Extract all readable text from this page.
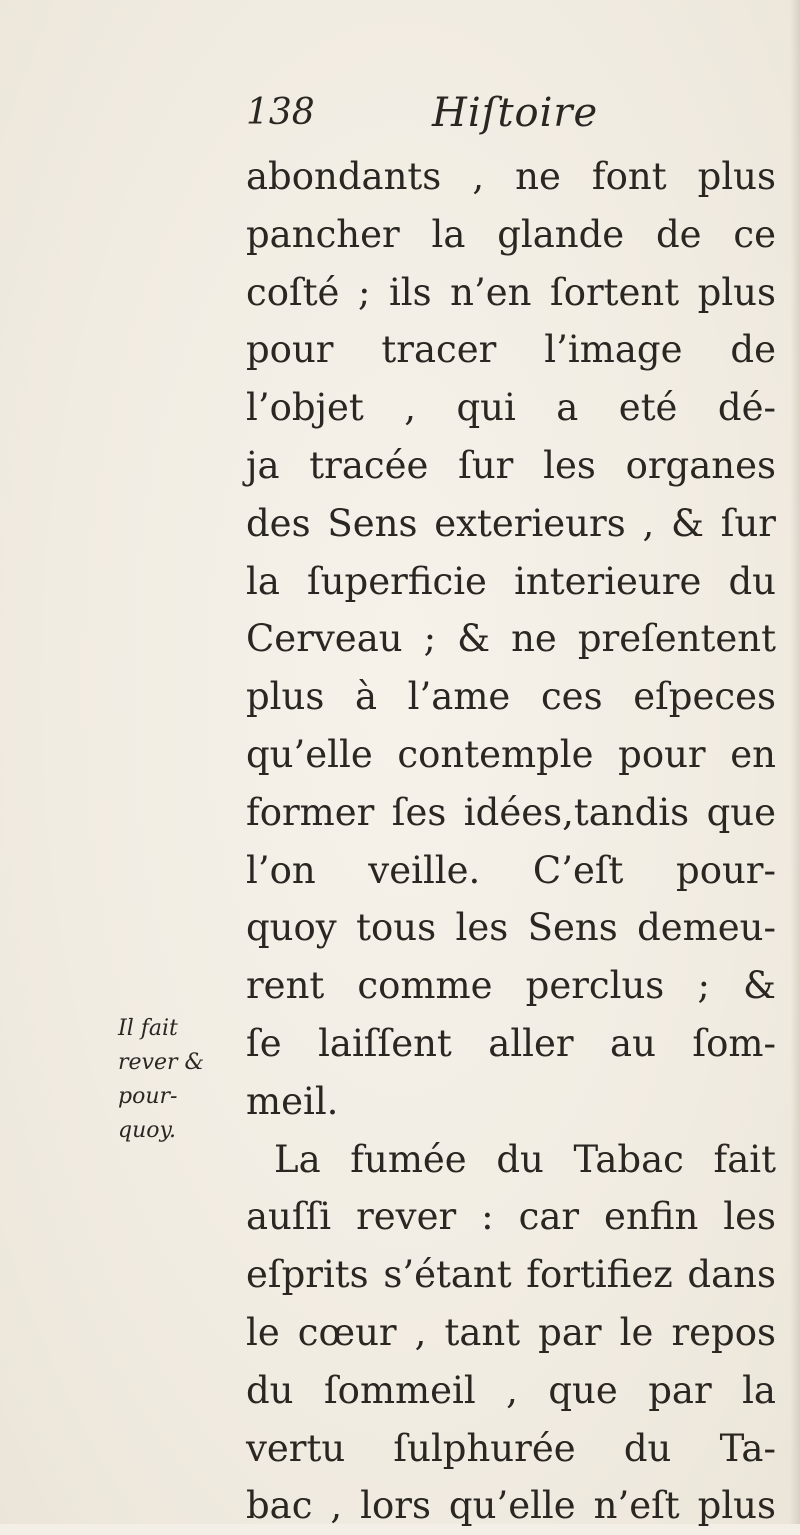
138	Hiſtoire
Il fait
rever &
pour-
quoy.
abondants , ne font plus
pancher la glande de ce
coſté ; ils n’en ſortent plus
pour tracer l’image de
l’objet , qui a eté dé-
ja tracée ſur les organes
des Sens exterieurs , & ſur
la ſuperficie interieure du
Cerveau ; & ne preſentent
plus à l’ame ces eſpeces
qu’elle contemple pour en
former ſes idées,tandis que
l’on veille. C’eſt pour-
quoy tous les Sens demeu-
rent comme perclus ; &
ſe laiſſent aller au ſom-
meil.
La fumée du Tabac fait
auſſi rever : car enfin les
eſprits s’étant fortifiez dans
le cœur , tant par le repos
du ſommeil , que par la
vertu ſulphurée du Ta-
bac , lors qu’elle n’eſt plus
